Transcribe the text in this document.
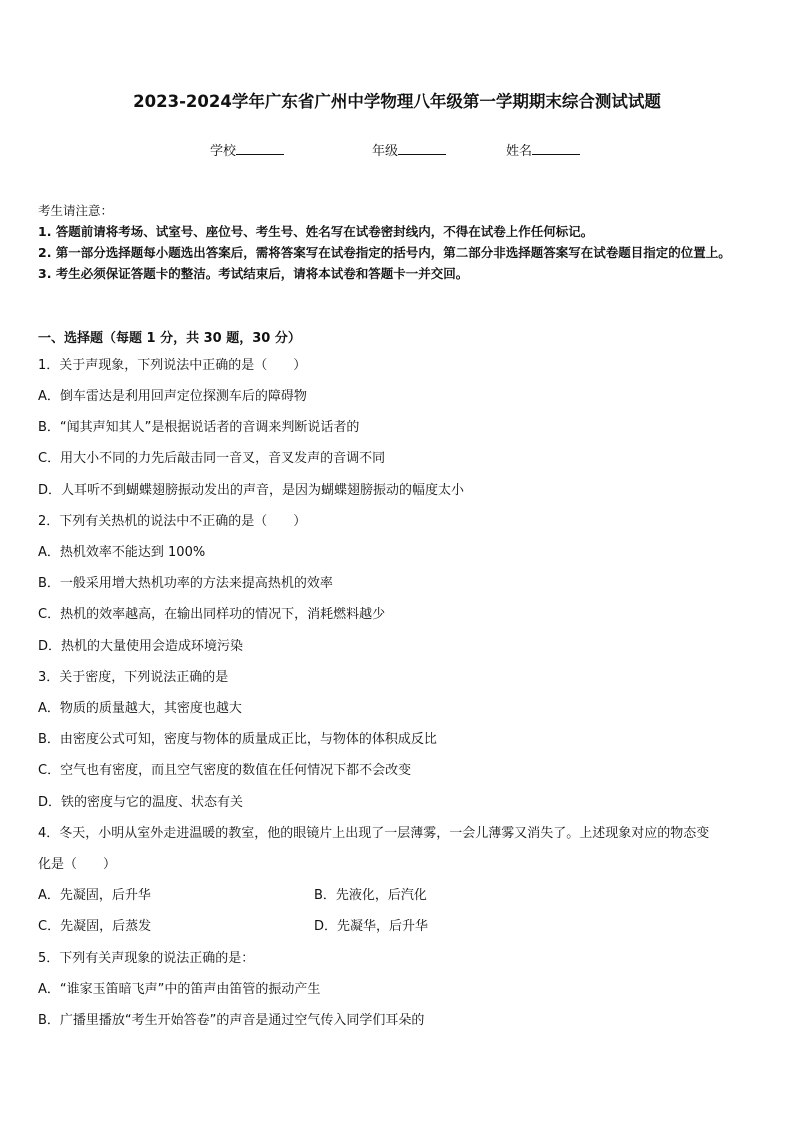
2023-2024学年广东省广州中学物理八年级第一学期期末综合测试试题
学校	年级	姓名
考生请注意：
1. 答题前请将考场、试室号、座位号、考生号、姓名写在试卷密封线内，不得在试卷上作任何标记。
2. 第一部分选择题每小题选出答案后，需将答案写在试卷指定的括号内，第二部分非选择题答案写在试卷题目指定的位置上。
3. 考生必须保证答题卡的整洁。考试结束后，请将本试卷和答题卡一并交回。
一、选择题（每题 1 分，共 30 题，30 分）
1．关于声现象，下列说法中正确的是（　　）
A．倒车雷达是利用回声定位探测车后的障碍物
B．“闻其声知其人”是根据说话者的音调来判断说话者的
C．用大小不同的力先后敲击同一音叉，音叉发声的音调不同
D．人耳听不到蝴蝶翅膀振动发出的声音，是因为蝴蝶翅膀振动的幅度太小
2．下列有关热机的说法中不正确的是（　　）
A．热机效率不能达到 100%
B．一般采用增大热机功率的方法来提高热机的效率
C．热机的效率越高，在输出同样功的情况下，消耗燃料越少
D．热机的大量使用会造成环境污染
3．关于密度，下列说法正确的是
A．物质的质量越大，其密度也越大
B．由密度公式可知，密度与物体的质量成正比，与物体的体积成反比
C．空气也有密度，而且空气密度的数值在任何情况下都不会改变
D．铁的密度与它的温度、状态有关
4．冬天，小明从室外走进温暖的教室，他的眼镜片上出现了一层薄雾，一会儿薄雾又消失了。上述现象对应的物态变
化是（　　）
A．先凝固，后升华	B．先液化，后汽化
C．先凝固，后蒸发	D．先凝华，后升华
5．下列有关声现象的说法正确的是：
A．“谁家玉笛暗飞声”中的笛声由笛管的振动产生
B．广播里播放“考生开始答卷”的声音是通过空气传入同学们耳朵的
